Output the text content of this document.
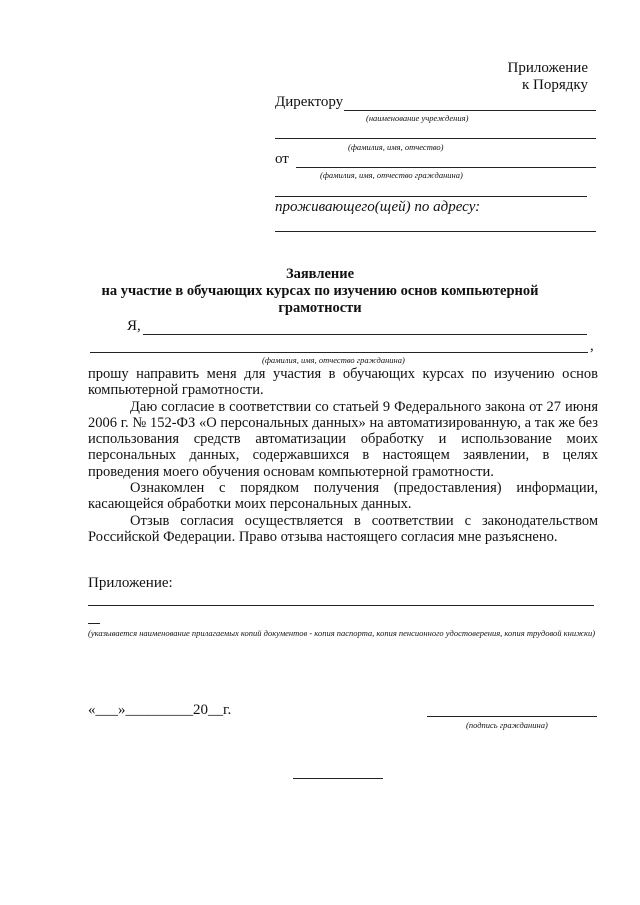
Приложение
к Порядку
Директору
(наименование учреждения)
(фамилия, имя, отчество)
от
(фамилия, имя, отчество гражданина)
проживающего(щей) по адресу:
Заявление
на участие в обучающих курсах по изучению основ компьютерной
грамотности
Я,
,
(фамилия, имя, отчество гражданина)

прошу направить меня для участия в обучающих курсах по изучению основ компьютерной грамотности.

Даю согласие в соответствии со статьей 9 Федерального закона от 27 июня 2006 г. № 152-ФЗ «О персональных данных» на автоматизированную, а так же без использования средств автоматизации обработку и использование моих персональных данных, содержавшихся в настоящем заявлении, в целях проведения моего обучения основам компьютерной грамотности.

Ознакомлен с порядком получения (предоставления) информации, касающейся обработки моих персональных данных.

Отзыв согласия осуществляется в соответствии с законодательством Российской Федерации. Право отзыва настоящего согласия мне разъяснено.

Приложение:
(указывается наименование прилагаемых копий документов - копия паспорта, копия пенсионного удостоверения, копия трудовой книжки)
«___»_________20__г.
(подпись гражданина)
